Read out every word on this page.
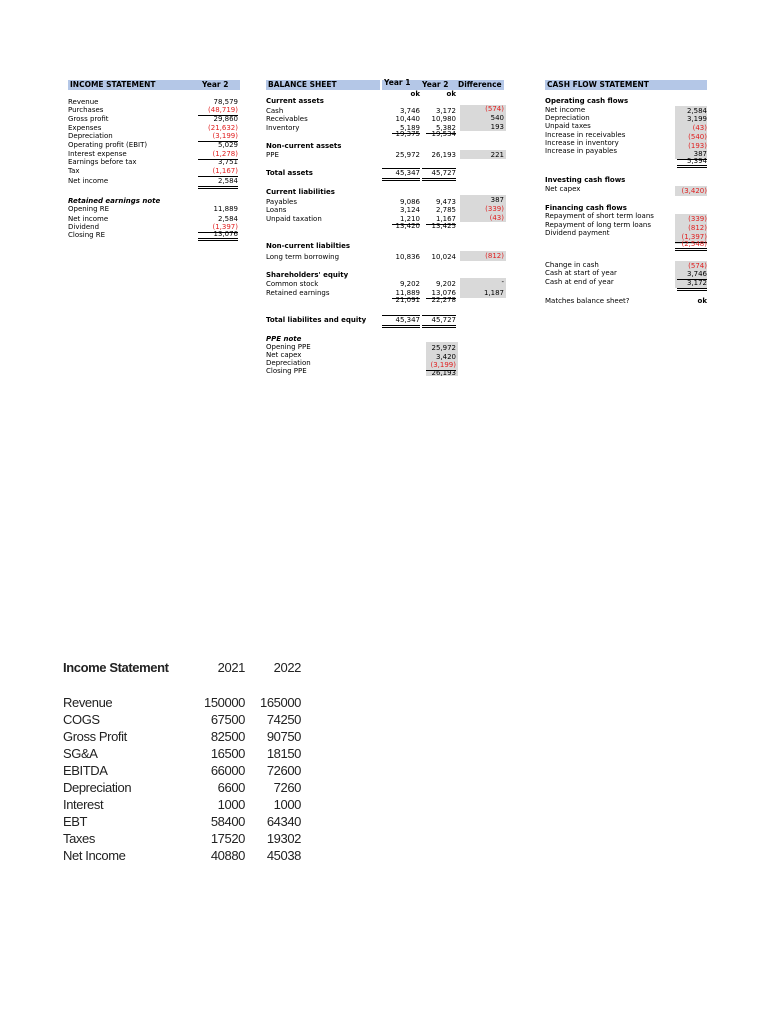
INCOME STATEMENT	Year 2
Revenue	78,579
Purchases	(48,719)
Gross profit	29,860
Expenses	(21,632)
Depreciation	(3,199)
Operating profit (EBIT)	5,029
Interest expense	(1,278)
Earnings before tax	3,751
Tax	(1,167)
Net income	2,584
Retained earnings note
Opening RE	11,889
Net income	2,584
Dividend	(1,397)
Closing RE	13,076
BALANCE SHEET	Year 1 Year 2 Difference
ok	ok
Current assets
Cash	3,746	3,172	(574)
Receivables	10,440	10,980	540
Inventory	5,189	5,382	193
19,375	19,534
Non-current assets
PPE	25,972	26,193	221
Total assets	45,347	45,727
Current liabilities
Payables	9,086	9,473	387
Loans	3,124	2,785	(339)
Unpaid taxation	1,210	1,167	(43)
13,420	13,425
Non-current liabilties
Long term borrowing	10,836	10,024	(812)
Shareholders' equity
Common stock	9,202	9,202	-
Retained earnings	11,889	13,076	1,187
21,091	22,278
Total liabilites and equity	45,347	45,727
PPE note
Opening PPE	25,972
Net capex	3,420
Depreciation	(3,199)
Closing PPE	26,193
CASH FLOW STATEMENT
Operating cash flows
Net income	2,584
Depreciation	3,199
Unpaid taxes	(43)
Increase in receivables	(540)
Increase in inventory	(193)
Increase in payables	387
5,394
Investing cash flows
Net capex	(3,420)
Financing cash flows
Repayment of short term loans	(339)
Repayment of long term loans	(812)
Dividend payment	(1,397)
(2,548)
Change in cash	(574)
Cash at start of year	3,746
Cash at end of year	3,172
Matches balance sheet?	ok
Income Statement	2021	2022
Revenue	150000	165000
COGS	67500	74250
Gross Profit	82500	90750
SG&A	16500	18150
EBITDA	66000	72600
Depreciation	6600	7260
Interest	1000	1000
EBT	58400	64340
Taxes	17520	19302
Net Income	40880	45038
